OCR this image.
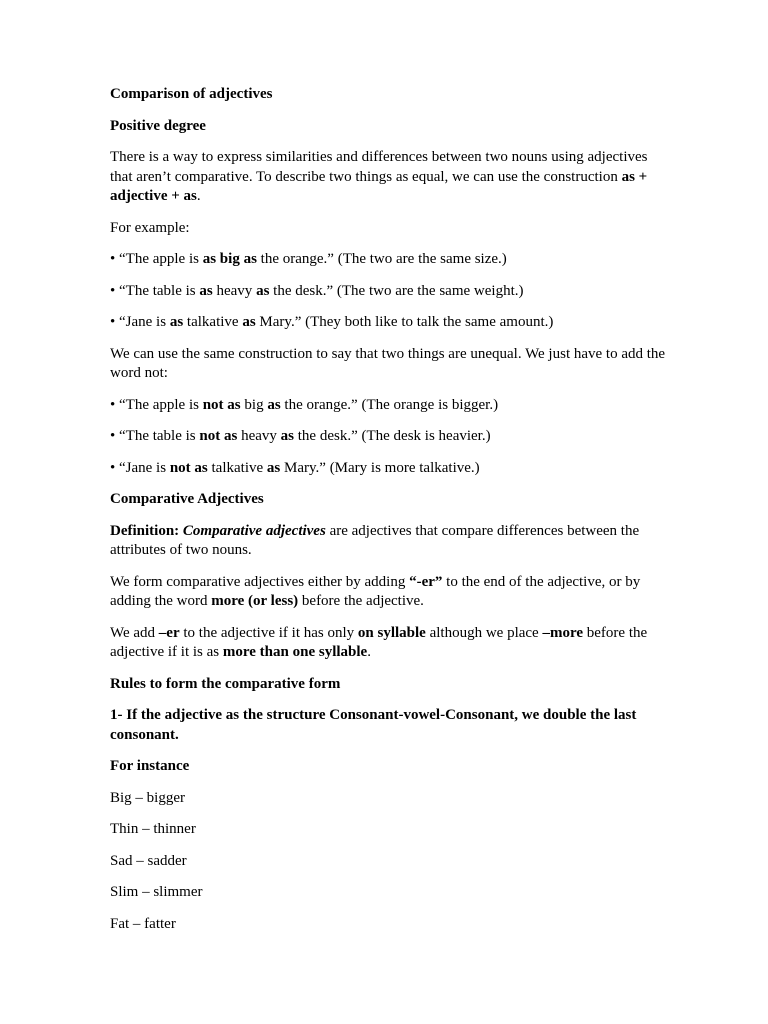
Comparison of adjectives

Positive degree

There is a way to express similarities and differences between two nouns using adjectives that aren’t comparative. To describe two things as equal, we can use the construction as + adjective + as.

For example:

• “The apple is as big as the orange.” (The two are the same size.)

• “The table is as heavy as the desk.” (The two are the same weight.)

• “Jane is as talkative as Mary.” (They both like to talk the same amount.)

We can use the same construction to say that two things are unequal. We just have to add the word not:

• “The apple is not as big as the orange.” (The orange is bigger.)

• “The table is not as heavy as the desk.” (The desk is heavier.)

• “Jane is not as talkative as Mary.” (Mary is more talkative.)

Comparative Adjectives

Definition: Comparative adjectives are adjectives that compare differences between the attributes of two nouns.

We form comparative adjectives either by adding “-er” to the end of the adjective, or by adding the word more (or less) before the adjective.

We add –er to the adjective if it has only on syllable although we place –more before the adjective if it is as more than one syllable.

Rules to form the comparative form

1- If the adjective as the structure Consonant-vowel-Consonant, we double the last consonant.

For instance

Big – bigger

Thin – thinner

Sad – sadder

Slim – slimmer

Fat – fatter
